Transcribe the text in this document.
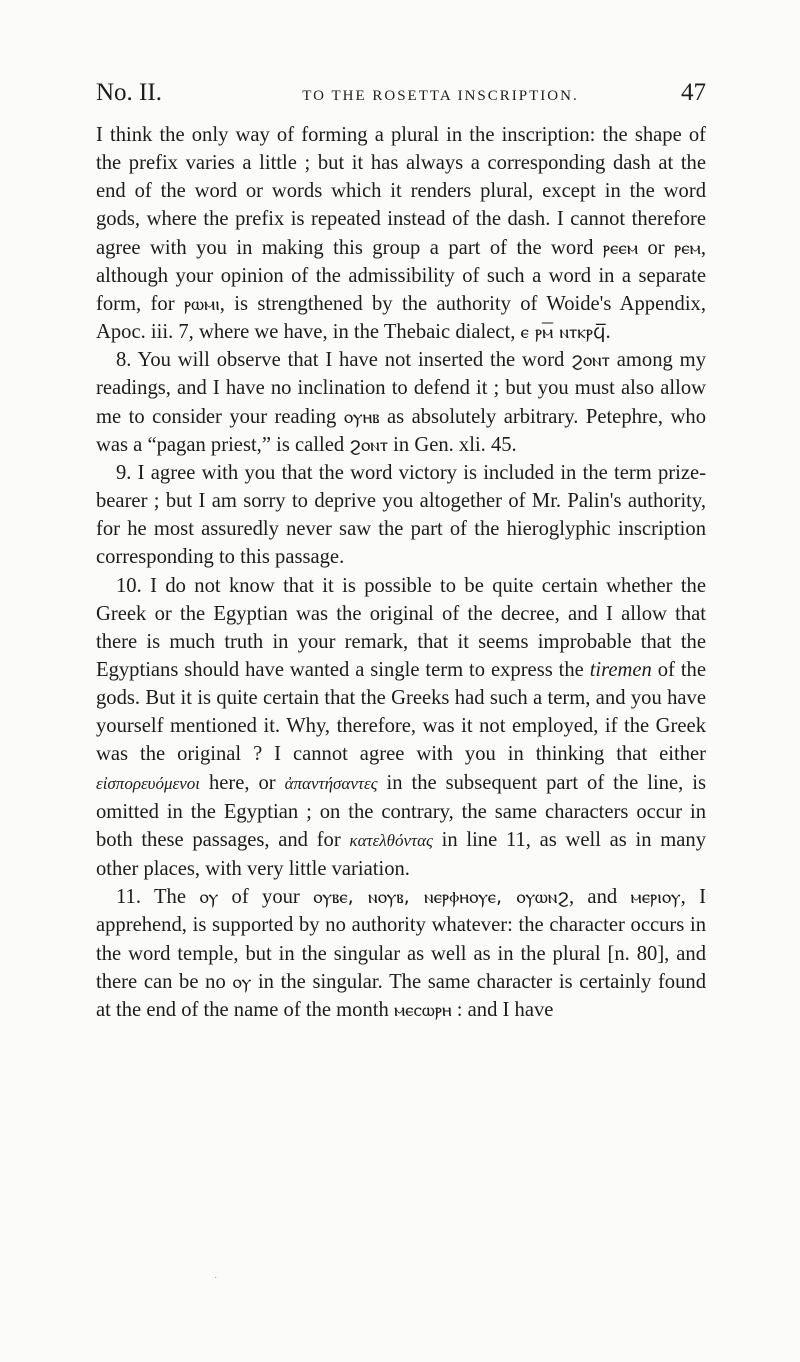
No. II.	TO THE ROSETTA INSCRIPTION.	47

I think the only way of forming a plural in the inscription: the shape of the prefix varies a little ; but it has always a corresponding dash at the end of the word or words which it renders plural, except in the word gods, where the prefix is repeated instead of the dash. I cannot therefore agree with you in making this group a part of the word ⲣⲉⲉⲙ or ⲣⲉⲙ, although your opinion of the admissibility of such a word in a separate form, for ⲣⲱⲙⲓ, is strengthened by the authority of Woide's Appendix, Apoc. iii. 7, where we have, in the Thebaic dialect, ⲉ ⲣⲙ̅ ⲛⲧⲕⲣϥ̅.

8. You will observe that I have not inserted the word ϩⲟⲛⲧ among my readings, and I have no inclination to defend it ; but you must also allow me to consider your reading ⲟⲩⲏⲃ as absolutely arbitrary. Petephre, who was a “pagan priest,” is called ϩⲟⲛⲧ in Gen. xli. 45.

9. I agree with you that the word victory is included in the term prize-bearer ; but I am sorry to deprive you altogether of Mr. Palin's authority, for he most assuredly never saw the part of the hieroglyphic inscription corresponding to this passage.

10. I do not know that it is possible to be quite certain whether the Greek or the Egyptian was the original of the decree, and I allow that there is much truth in your remark, that it seems improbable that the Egyptians should have wanted a single term to express the tiremen of the gods. But it is quite certain that the Greeks had such a term, and you have yourself mentioned it. Why, therefore, was it not employed, if the Greek was the original ? I cannot agree with you in thinking that either εἰσπορευόμενοι here, or ἀπαντήσαντες in the subsequent part of the line, is omitted in the Egyptian ; on the contrary, the same characters occur in both these passages, and for κατελθόντας in line 11, as well as in many other places, with very little variation.

11. The ⲟⲩ of your ⲟⲩⲃⲉ, ⲛⲟⲩⲃ, ⲛⲉⲣⲫⲏⲟⲩⲉ, ⲟⲩⲱⲛϩ, and ⲙⲉⲣⲓⲟⲩ, I apprehend, is supported by no authority whatever: the character occurs in the word temple, but in the singular as well as in the plural [n. 80], and there can be no ⲟⲩ in the singular. The same character is certainly found at the end of the name of the month ⲙⲉⲥⲱⲣⲏ : and I have

·
